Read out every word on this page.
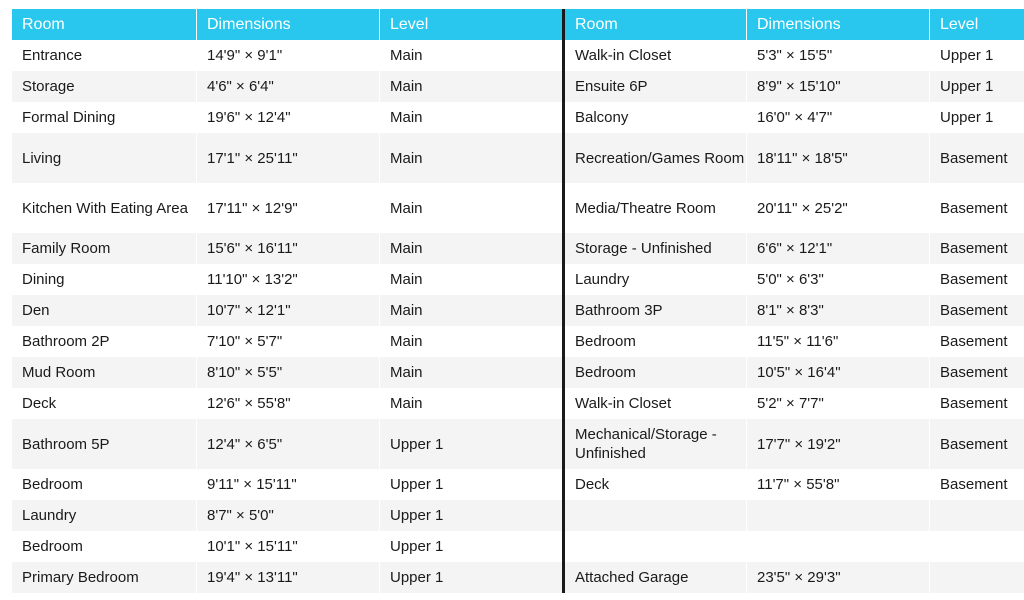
Room	Dimensions	Level	Room	Dimensions	Level
Entrance	14'9" × 9'1"	Main	Walk-in Closet	5'3" × 15'5"	Upper 1
Storage	4'6" × 6'4"	Main	Ensuite 6P	8'9" × 15'10"	Upper 1
Formal Dining	19'6" × 12'4"	Main	Balcony	16'0" × 4'7"	Upper 1
Living	17'1" × 25'11"	Main	Recreation/Games Room	18'11" × 18'5"	Basement
Kitchen With Eating Area	17'11" × 12'9"	Main	Media/Theatre Room	20'11" × 25'2"	Basement
Family Room	15'6" × 16'11"	Main	Storage - Unfinished	6'6" × 12'1"	Basement
Dining	11'10" × 13'2"	Main	Laundry	5'0" × 6'3"	Basement
Den	10'7" × 12'1"	Main	Bathroom 3P	8'1" × 8'3"	Basement
Bathroom 2P	7'10" × 5'7"	Main	Bedroom	11'5" × 11'6"	Basement
Mud Room	8'10" × 5'5"	Main	Bedroom	10'5" × 16'4"	Basement
Deck	12'6" × 55'8"	Main	Walk-in Closet	5'2" × 7'7"	Basement
Bathroom 5P	12'4" × 6'5"	Upper 1	Mechanical/Storage - Unfinished	17'7" × 19'2"	Basement
Bedroom	9'11" × 15'11"	Upper 1	Deck	11'7" × 55'8"	Basement
Laundry	8'7" × 5'0"	Upper 1			
Bedroom	10'1" × 15'11"	Upper 1			
Primary Bedroom	19'4" × 13'11"	Upper 1	Attached Garage	23'5" × 29'3"	
